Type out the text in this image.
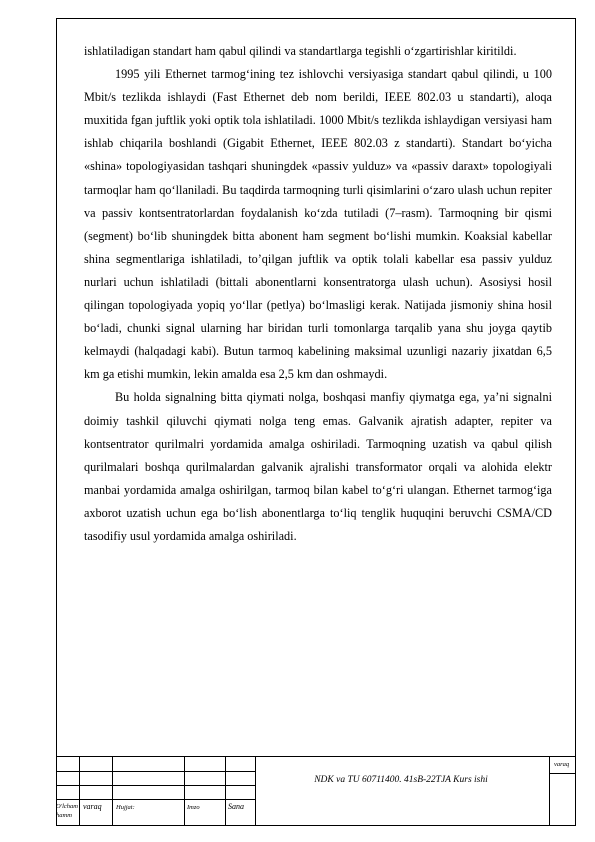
ishlatiladigan standart ham qabul qilindi va standartlarga tegishli o‘zgartirishlar kiritildi.

1995 yili Ethernet tarmog‘ining tez ishlovchi versiyasiga standart qabul qilindi, u 100 Mbit/s tezlikda ishlaydi (Fast Ethernet deb nom berildi, IEEE 802.03 u standarti), aloqa muxitida fgan juftlik yoki optik tola ishlatiladi. 1000 Mbit/s tezlikda ishlaydigan versiyasi ham ishlab chiqarila boshlandi (Gigabit Ethernet, IEEE 802.03 z standarti). Standart bo‘yicha «shina» topologiyasidan tashqari shuningdek «passiv yulduz» va «passiv daraxt» topologiyali tarmoqlar ham qo‘llaniladi. Bu taqdirda tarmoqning turli qisimlarini o‘zaro ulash uchun repiter va passiv kontsentratorlardan foydalanish ko‘zda tutiladi (7–rasm). Tarmoqning bir qismi (segment) bo‘lib shuningdek bitta abonent ham segment bo‘lishi mumkin. Koaksial kabellar shina segmentlariga ishlatiladi, to’qilgan juftlik va optik tolali kabellar esa passiv yulduz nurlari uchun ishlatiladi (bittali abonentlarni konsentratorga ulash uchun). Asosiysi hosil qilingan topologiyada yopiq yo‘llar (petlya) bo‘lmasligi kerak. Natijada jismoniy shina hosil bo‘ladi, chunki signal ularning har biridan turli tomonlarga tarqalib yana shu joyga qaytib kelmaydi (halqadagi kabi). Butun tarmoq kabelining maksimal uzunligi nazariy jixatdan 6,5 km ga etishi mumkin, lekin amalda esa 2,5 km dan oshmaydi.

Bu holda signalning bitta qiymati nolga, boshqasi manfiy qiymatga ega, ya’ni signalni doimiy tashkil qiluvchi qiymati nolga teng emas. Galvanik ajratish adapter, repiter va kontsentrator qurilmalri yordamida amalga oshiriladi. Tarmoqning uzatish va qabul qilish qurilmalari boshqa qurilmalardan galvanik ajralishi transformator orqali va alohida elektr manbai yordamida amalga oshirilgan, tarmoq bilan kabel to‘g‘ri ulangan. Ethernet tarmog‘iga axborot uzatish uchun ega bo‘lish abonentlarga to‘liq tenglik huquqini beruvchi CSMA/CD tasodifiy usul yordamida amalga oshiriladi.

O'lcham
hamm
varaq Hujjat:	Imzo	Sana
NDK va TU 60711400. 41sB-22TJA Kurs ishi
varaq
